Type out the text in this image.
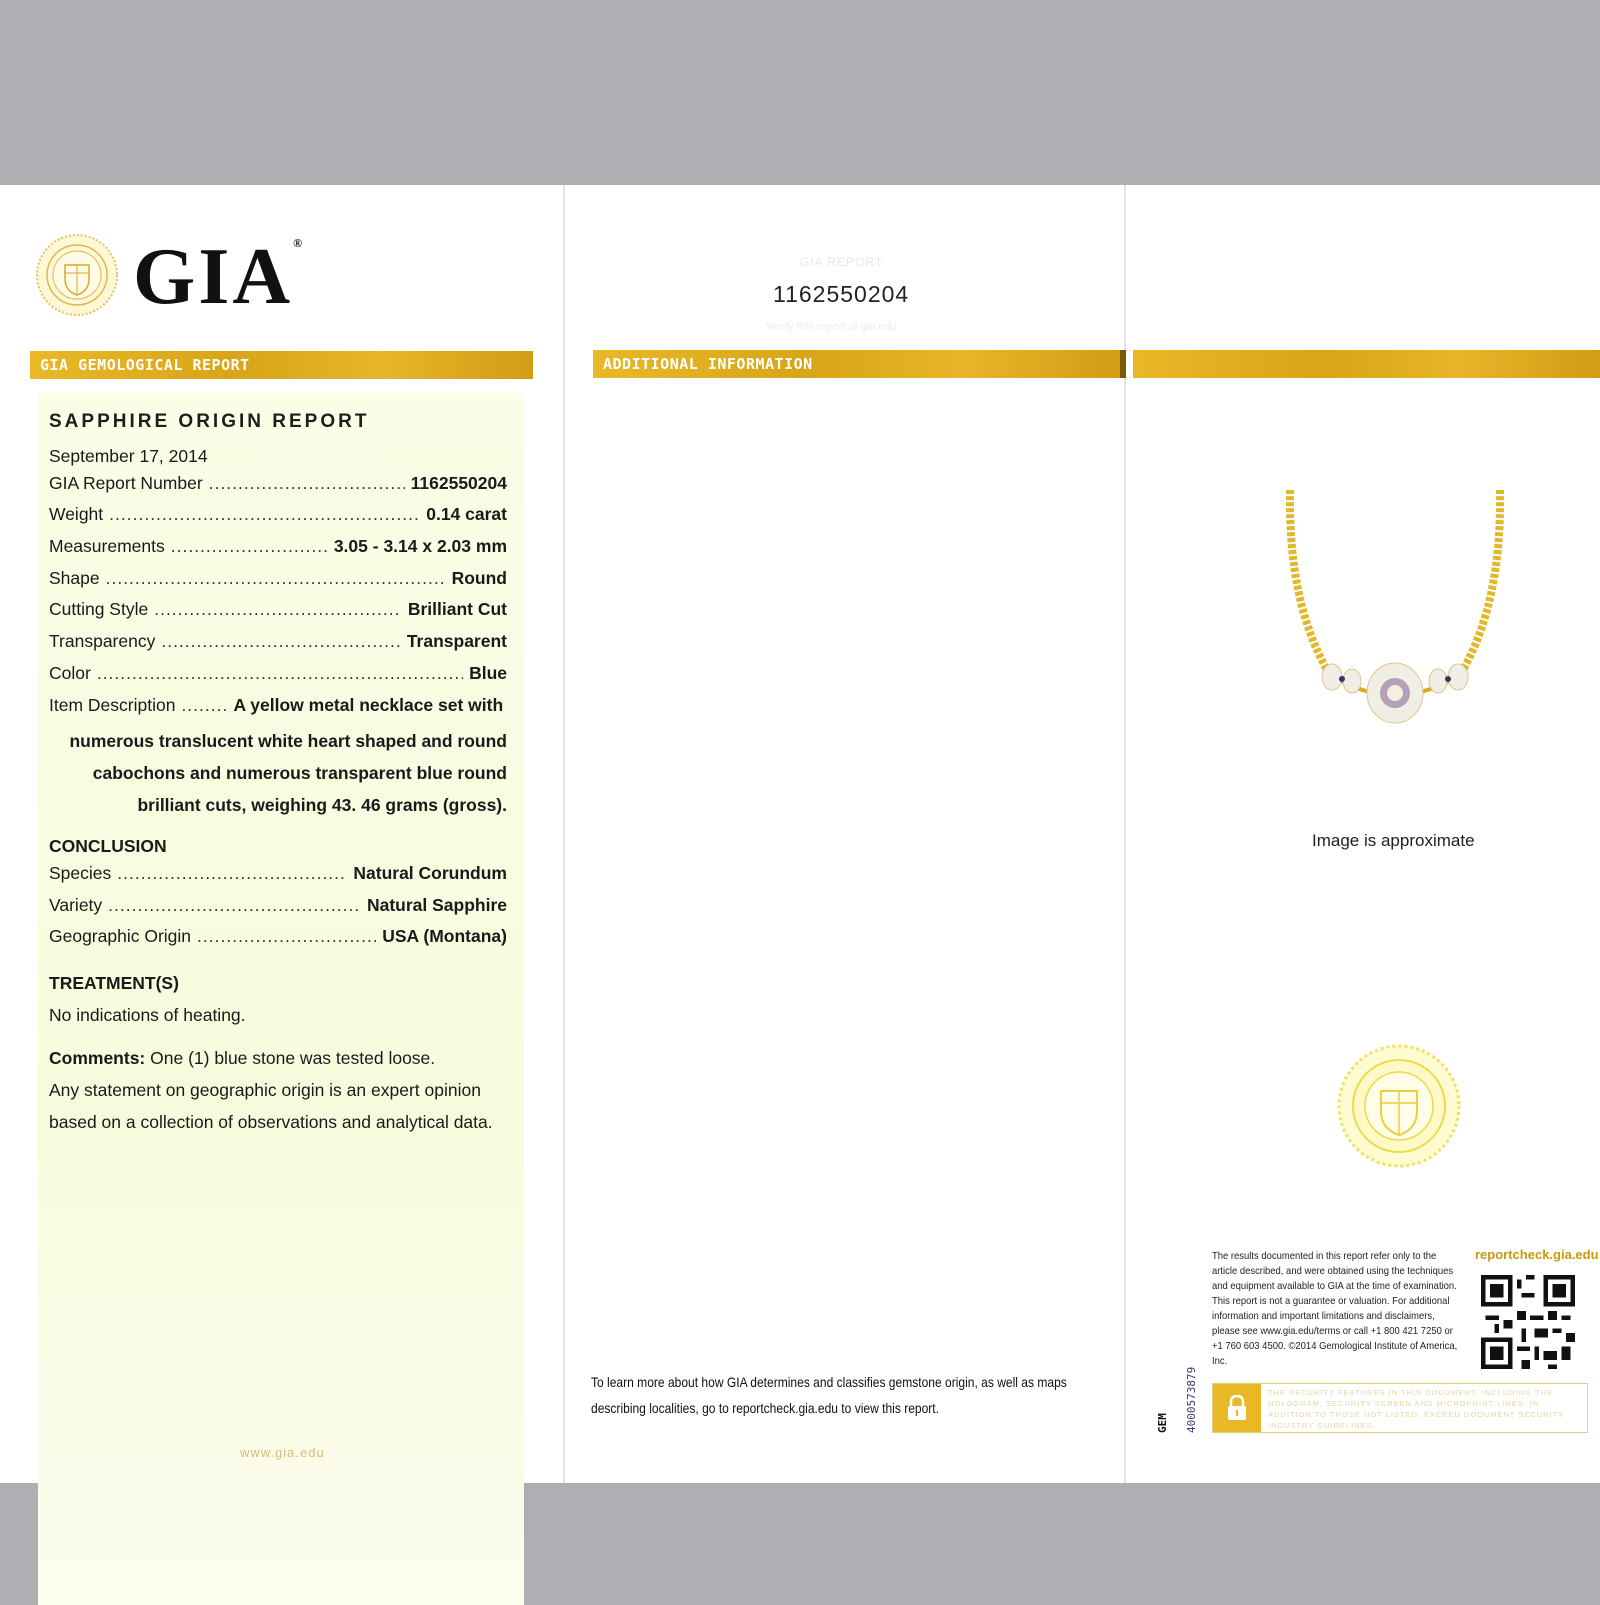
GIA®
GIA GEMOLOGICAL REPORT
SAPPHIRE ORIGIN REPORT
September 17, 2014
GIA Report Number .....	1162550204
Weight .....	0.14 carat
Measurements .....	3.05 - 3.14 x 2.03 mm
Shape .....	Round
Cutting Style .....	Brilliant Cut
Transparency .....	Transparent
Color .....	Blue
Item Description .....	A yellow metal necklace set with
numerous translucent white heart shaped and round
cabochons and numerous transparent blue round
brilliant cuts, weighing 43. 46 grams (gross).
CONCLUSION
Species .....	Natural Corundum
Variety .....	Natural Sapphire
Geographic Origin .....	USA (Montana)
TREATMENT(S)
No indications of heating.
Comments: One (1) blue stone was tested loose.
Any statement on geographic origin is an expert opinion
based on a collection of observations and analytical data.
www.gia.edu
GIA REPORT
1162550204
Verify this report at gia.edu
ADDITIONAL INFORMATION
To learn more about how GIA determines and classifies gemstone origin, as well as maps describing localities, go to reportcheck.gia.edu to view this report.
Image is approximate
The results documented in this report refer only to the article described, and were obtained using the techniques and equipment available to GIA at the time of examination. This report is not a guarantee or valuation. For additional information and important limitations and disclaimers, please see www.gia.edu/terms or call +1 800 421 7250 or +1 760 603 4500. ©2014 Gemological Institute of America, Inc.
reportcheck.gia.edu
THE SECURITY FEATURES IN THIS DOCUMENT, INCLUDING THE HOLOGRAM, SECURITY SCREEN AND MICROPRINT LINES, IN ADDITION TO THOSE NOT LISTED, EXCEED DOCUMENT SECURITY INDUSTRY GUIDELINES.
GEM 4000573879
